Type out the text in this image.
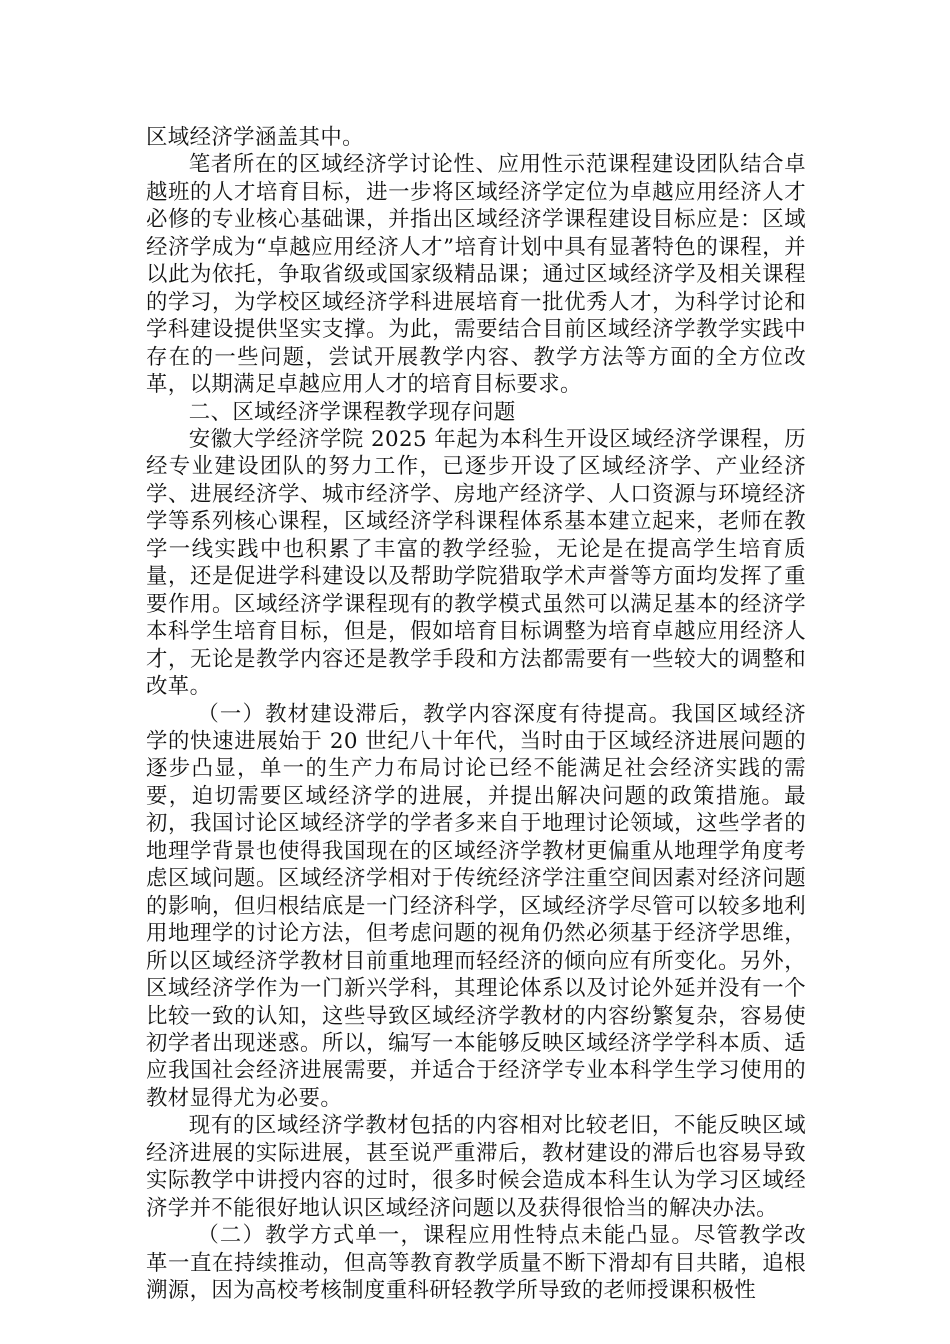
区域经济学涵盖其中。

笔者所在的区域经济学讨论性、应用性示范课程建设团队结合卓越班的人才培育目标，进一步将区域经济学定位为卓越应用经济人才必修的专业核心基础课，并指出区域经济学课程建设目标应是：区域经济学成为“卓越应用经济人才”培育计划中具有显著特色的课程，并以此为依托，争取省级或国家级精品课；通过区域经济学及相关课程的学习，为学校区域经济学科进展培育一批优秀人才，为科学讨论和学科建设提供坚实支撑。为此，需要结合目前区域经济学教学实践中存在的一些问题，尝试开展教学内容、教学方法等方面的全方位改革，以期满足卓越应用人才的培育目标要求。

二、区域经济学课程教学现存问题

安徽大学经济学院 2025 年起为本科生开设区域经济学课程，历经专业建设团队的努力工作，已逐步开设了区域经济学、产业经济学、进展经济学、城市经济学、房地产经济学、人口资源与环境经济学等系列核心课程，区域经济学科课程体系基本建立起来，老师在教学一线实践中也积累了丰富的教学经验，无论是在提高学生培育质量，还是促进学科建设以及帮助学院猎取学术声誉等方面均发挥了重要作用。区域经济学课程现有的教学模式虽然可以满足基本的经济学本科学生培育目标，但是，假如培育目标调整为培育卓越应用经济人才，无论是教学内容还是教学手段和方法都需要有一些较大的调整和改革。

（一）教材建设滞后，教学内容深度有待提高。我国区域经济学的快速进展始于 20 世纪八十年代，当时由于区域经济进展问题的逐步凸显，单一的生产力布局讨论已经不能满足社会经济实践的需要，迫切需要区域经济学的进展，并提出解决问题的政策措施。最初，我国讨论区域经济学的学者多来自于地理讨论领域，这些学者的地理学背景也使得我国现在的区域经济学教材更偏重从地理学角度考虑区域问题。区域经济学相对于传统经济学注重空间因素对经济问题的影响，但归根结底是一门经济科学，区域经济学尽管可以较多地利用地理学的讨论方法，但考虑问题的视角仍然必须基于经济学思维，所以区域经济学教材目前重地理而轻经济的倾向应有所变化。另外，区域经济学作为一门新兴学科，其理论体系以及讨论外延并没有一个比较一致的认知，这些导致区域经济学教材的内容纷繁复杂，容易使初学者出现迷惑。所以，编写一本能够反映区域经济学学科本质、适应我国社会经济进展需要，并适合于经济学专业本科学生学习使用的教材显得尤为必要。

现有的区域经济学教材包括的内容相对比较老旧，不能反映区域经济进展的实际进展，甚至说严重滞后，教材建设的滞后也容易导致实际教学中讲授内容的过时，很多时候会造成本科生认为学习区域经济学并不能很好地认识区域经济问题以及获得很恰当的解决办法。

（二）教学方式单一，课程应用性特点未能凸显。尽管教学改革一直在持续推动，但高等教育教学质量不断下滑却有目共睹，追根溯源，因为高校考核制度重科研轻教学所导致的老师授课积极性
